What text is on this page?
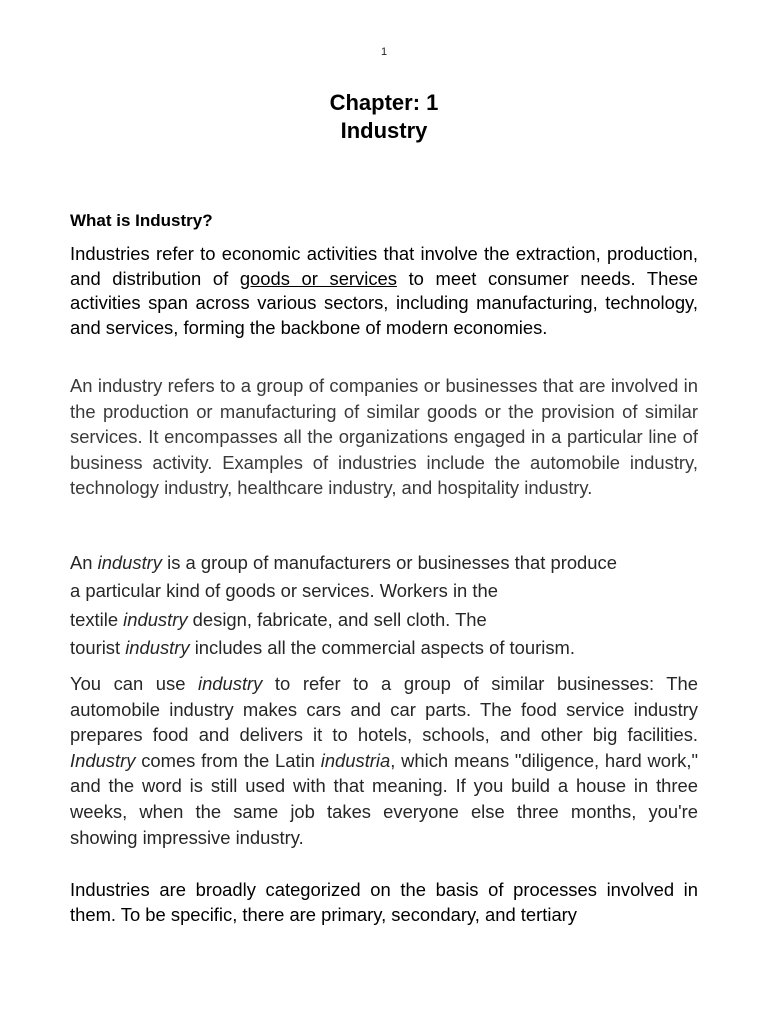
1
Chapter: 1
Industry
What is Industry?

Industries refer to economic activities that involve the extraction, production, and distribution of goods or services to meet consumer needs. These activities span across various sectors, including manufacturing, technology, and services, forming the backbone of modern economies.

An industry refers to a group of companies or businesses that are involved in the production or manufacturing of similar goods or the provision of similar services. It encompasses all the organizations engaged in a particular line of business activity. Examples of industries include the automobile industry, technology industry, healthcare industry, and hospitality industry.

An industry is a group of manufacturers or businesses that produce
a particular kind of goods or services. Workers in the
textile industry design, fabricate, and sell cloth. The
tourist industry includes all the commercial aspects of tourism.

You can use industry to refer to a group of similar businesses: The automobile industry makes cars and car parts. The food service industry prepares food and delivers it to hotels, schools, and other big facilities. Industry comes from the Latin industria, which means "diligence, hard work," and the word is still used with that meaning. If you build a house in three weeks, when the same job takes everyone else three months, you're showing impressive industry.

Industries are broadly categorized on the basis of processes involved in them. To be specific, there are primary, secondary, and tertiary
